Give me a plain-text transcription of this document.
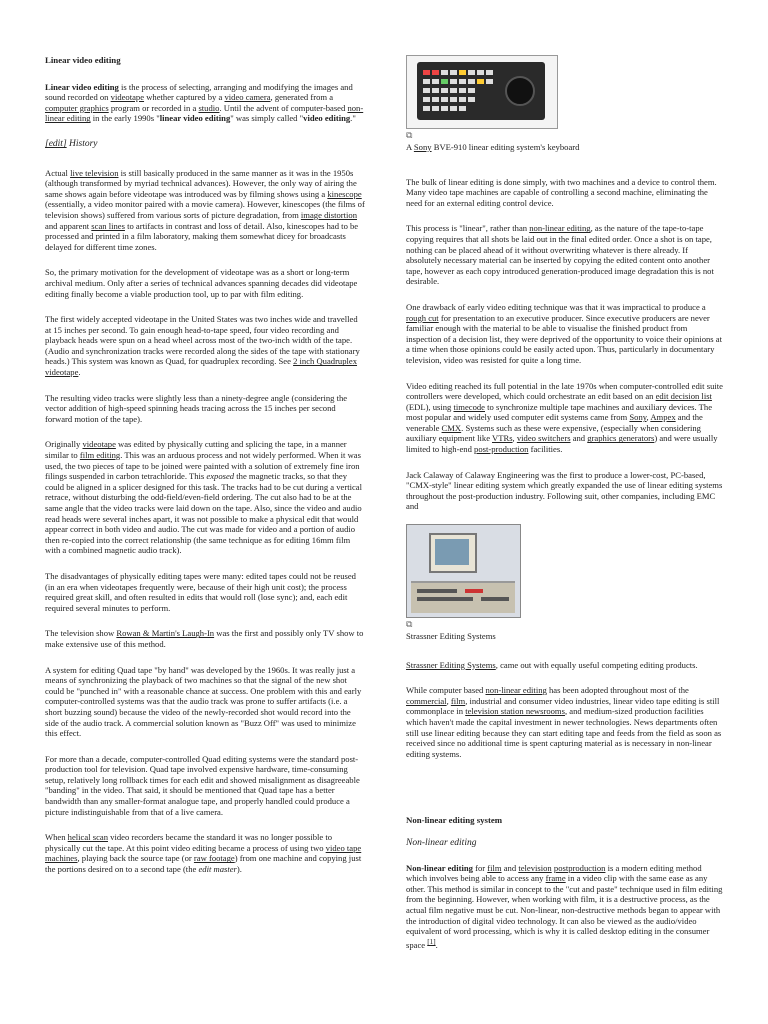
Linear video editing

Linear video editing is the process of selecting, arranging and modifying the images and sound recorded on videotape whether captured by a video camera, generated from a computer graphics program or recorded in a studio. Until the advent of computer-based non-linear editing in the early 1990s "linear video editing" was simply called "video editing."

[edit] History

Actual live television is still basically produced in the same manner as it was in the 1950s (although transformed by myriad technical advances). However, the only way of airing the same shows again before videotape was introduced was by filming shows using a kinescope (essentially, a video monitor paired with a movie camera). However, kinescopes (the films of television shows) suffered from various sorts of picture degradation, from image distortion and apparent scan lines to artifacts in contrast and loss of detail. Also, kinescopes had to be processed and printed in a film laboratory, making them somewhat dicey for broadcasts delayed for different time zones.

So, the primary motivation for the development of videotape was as a short or long-term archival medium. Only after a series of technical advances spanning decades did videotape editing finally become a viable production tool, up to par with film editing.

The first widely accepted videotape in the United States was two inches wide and travelled at 15 inches per second. To gain enough head-to-tape speed, four video recording and playback heads were spun on a head wheel across most of the two-inch width of the tape. (Audio and synchronization tracks were recorded along the sides of the tape with stationary heads.) This system was known as Quad, for quadruplex recording. See 2 inch Quadruplex videotape.

The resulting video tracks were slightly less than a ninety-degree angle (considering the vector addition of high-speed spinning heads tracing across the 15 inches per second forward motion of the tape).

Originally videotape was edited by physically cutting and splicing the tape, in a manner similar to film editing. This was an arduous process and not widely performed. When it was used, the two pieces of tape to be joined were painted with a solution of extremely fine iron filings suspended in carbon tetrachloride. This exposed the magnetic tracks, so that they could be aligned in a splicer designed for this task. The tracks had to be cut during a vertical retrace, without disturbing the odd-field/even-field ordering. The cut also had to be at the same angle that the video tracks were laid down on the tape. Also, since the video and audio read heads were several inches apart, it was not possible to make a physical edit that would appear correct in both video and audio. The cut was made for video and a portion of audio then re-copied into the correct relationship (the same technique as for editing 16mm film with a combined magnetic audio track).

The disadvantages of physically editing tapes were many: edited tapes could not be reused (in an era when videotapes frequently were, because of their high unit cost); the process required great skill, and often resulted in edits that would roll (lose sync); and, each edit required several minutes to perform.

The television show Rowan & Martin's Laugh-In was the first and possibly only TV show to make extensive use of this method.

A system for editing Quad tape "by hand" was developed by the 1960s. It was really just a means of synchronizing the playback of two machines so that the signal of the new shot could be "punched in" with a reasonable chance at success. One problem with this and early computer-controlled systems was that the audio track was prone to suffer artifacts (i.e. a short buzzing sound) because the video of the newly-recorded shot would record into the side of the audio track. A commercial solution known as "Buzz Off" was used to minimize this effect.

For more than a decade, computer-controlled Quad editing systems were the standard post-production tool for television. Quad tape involved expensive hardware, time-consuming setup, relatively long rollback times for each edit and showed misalignment as disagreeable "banding" in the video. That said, it should be mentioned that Quad tape has a better bandwidth than any smaller-format analogue tape, and properly handled could produce a picture indistinguishable from that of a live camera.

When helical scan video recorders became the standard it was no longer possible to physically cut the tape. At this point video editing became a process of using two video tape machines, playing back the source tape (or raw footage) from one machine and copying just the portions desired on to a second tape (the edit master).

⧉

A Sony BVE-910 linear editing system's keyboard

The bulk of linear editing is done simply, with two machines and a device to control them. Many video tape machines are capable of controlling a second machine, eliminating the need for an external editing control device.

This process is "linear", rather than non-linear editing, as the nature of the tape-to-tape copying requires that all shots be laid out in the final edited order. Once a shot is on tape, nothing can be placed ahead of it without overwriting whatever is there already. If absolutely necessary material can be inserted by copying the edited content onto another tape, however as each copy introduced generation-produced image degradation this is not desirable.

One drawback of early video editing technique was that it was impractical to produce a rough cut for presentation to an executive producer. Since executive producers are never familiar enough with the material to be able to visualise the finished product from inspection of a decision list, they were deprived of the opportunity to voice their opinions at a time when those opinions could be easily acted upon. Thus, particularly in documentary television, video was resisted for quite a long time.

Video editing reached its full potential in the late 1970s when computer-controlled edit suite controllers were developed, which could orchestrate an edit based on an edit decision list (EDL), using timecode to synchronize multiple tape machines and auxiliary devices. The most popular and widely used computer edit systems came from Sony, Ampex and the venerable CMX. Systems such as these were expensive, (especially when considering auxiliary equipment like VTRs, video switchers and graphics generators) and were usually limited to high-end post-production facilities.

Jack Calaway of Calaway Engineering was the first to produce a lower-cost, PC-based, "CMX-style" linear editing system which greatly expanded the use of linear editing systems throughout the post-production industry. Following suit, other companies, including EMC and

⧉

Strassner Editing Systems

Strassner Editing Systems, came out with equally useful competing editing products.

While computer based non-linear editing has been adopted throughout most of the commercial, film, industrial and consumer video industries, linear video tape editing is still commonplace in television station newsrooms, and medium-sized production facilities which haven't made the capital investment in newer technologies. News departments often still use linear editing because they can start editing tape and feeds from the field as soon as received since no additional time is spent capturing material as is necessary in non-linear editing systems.

Non-linear editing system
Non-linear editing

Non-linear editing for film and television postproduction is a modern editing method which involves being able to access any frame in a video clip with the same ease as any other. This method is similar in concept to the "cut and paste" technique used in film editing from the beginning. However, when working with film, it is a destructive process, as the actual film negative must be cut. Non-linear, non-destructive methods began to appear with the introduction of digital video technology. It can also be viewed as the audio/video equivalent of word processing, which is why it is called desktop editing in the consumer space [1].
